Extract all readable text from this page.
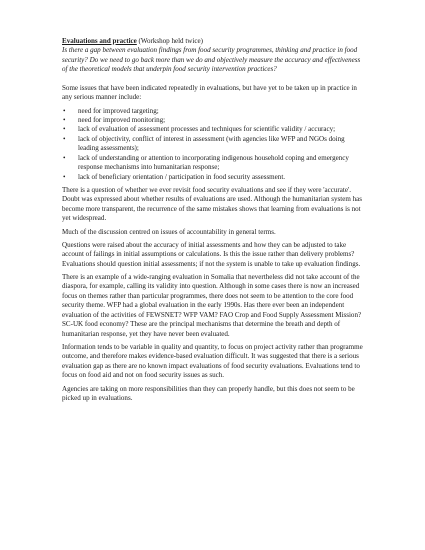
Evaluations and practice (Workshop held twice)

Is there a gap between evaluation findings from food security programmes, thinking and practice in food security? Do we need to go back more than we do and objectively measure the accuracy and effectiveness of the theoretical models that underpin food security intervention practices?

Some issues that have been indicated repeatedly in evaluations, but have yet to be taken up in practice in any serious manner include:

• need for improved targeting;
• need for improved monitoring;
• lack of evaluation of assessment processes and techniques for scientific validity / accuracy;
• lack of objectivity, conflict of interest in assessment (with agencies like WFP and NGOs doing leading assessments);
• lack of understanding or attention to incorporating indigenous household coping and emergency response mechanisms into humanitarian response;
• lack of beneficiary orientation / participation in food security assessment.

There is a question of whether we ever revisit food security evaluations and see if they were 'accurate'. Doubt was expressed about whether results of evaluations are used. Although the humanitarian system has become more transparent, the recurrence of the same mistakes shows that learning from evaluations is not yet widespread.

Much of the discussion centred on issues of accountability in general terms.

Questions were raised about the accuracy of initial assessments and how they can be adjusted to take account of failings in initial assumptions or calculations. Is this the issue rather than delivery problems? Evaluations should question initial assessments; if not the system is unable to take up evaluation findings.

There is an example of a wide-ranging evaluation in Somalia that nevertheless did not take account of the diaspora, for example, calling its validity into question. Although in some cases there is now an increased focus on themes rather than particular programmes, there does not seem to be attention to the core food security theme. WFP had a global evaluation in the early 1990s. Has there ever been an independent evaluation of the activities of FEWSNET? WFP VAM? FAO Crop and Food Supply Assessment Mission? SC-UK food economy? These are the principal mechanisms that determine the breath and depth of humanitarian response, yet they have never been evaluated.

Information tends to be variable in quality and quantity, to focus on project activity rather than programme outcome, and therefore makes evidence-based evaluation difficult. It was suggested that there is a serious evaluation gap as there are no known impact evaluations of food security evaluations. Evaluations tend to focus on food aid and not on food security issues as such.

Agencies are taking on more responsibilities than they can properly handle, but this does not seem to be picked up in evaluations.
